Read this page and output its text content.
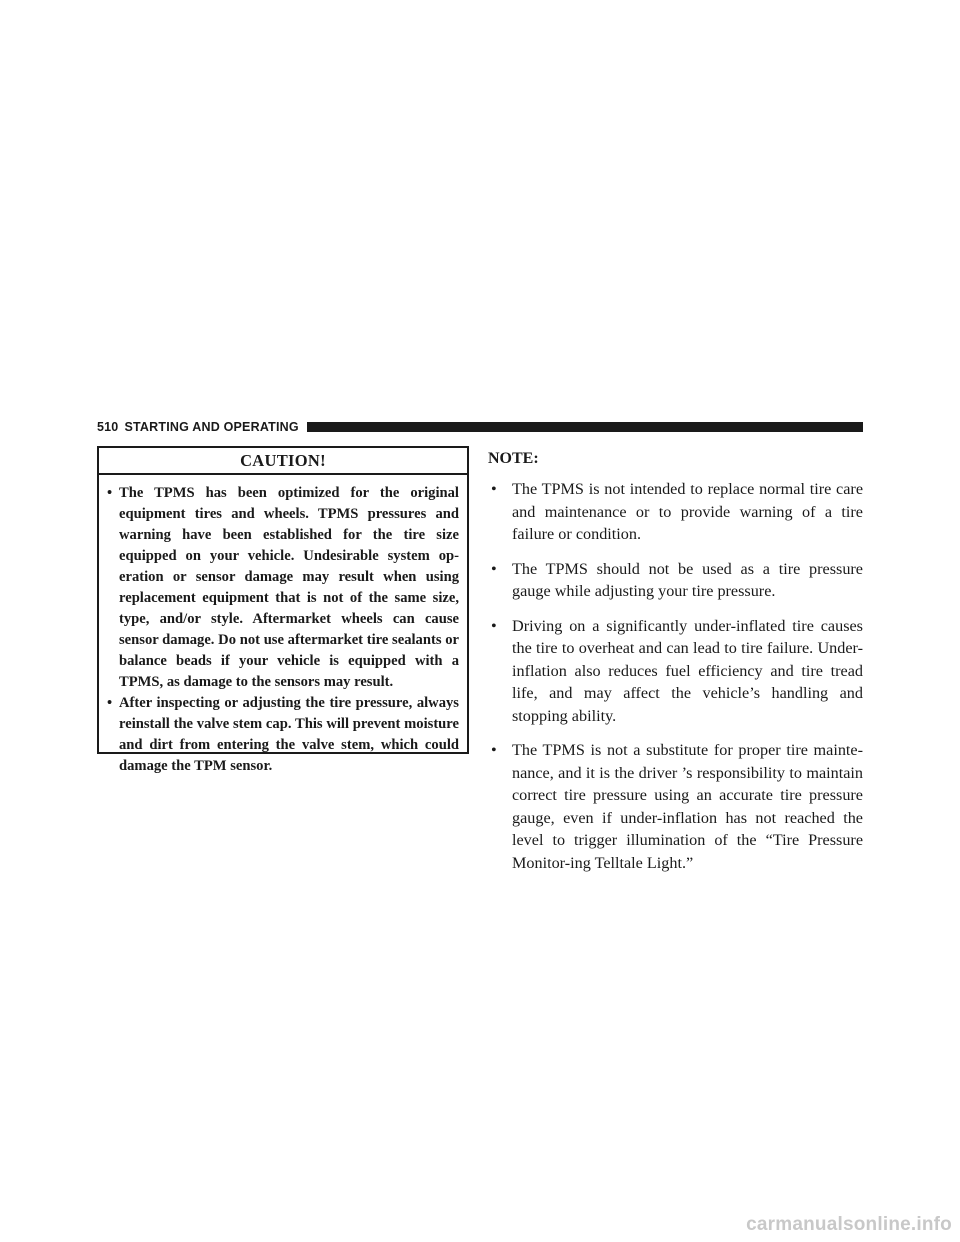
510 STARTING AND OPERATING
CAUTION!
• The TPMS has been optimized for the original equipment tires and wheels. TPMS pressures and warning have been established for the tire size equipped on your vehicle. Undesirable system op-eration or sensor damage may result when using replacement equipment that is not of the same size, type, and/or style. Aftermarket wheels can cause sensor damage. Do not use aftermarket tire sealants or balance beads if your vehicle is equipped with a TPMS, as damage to the sensors may result.
• After inspecting or adjusting the tire pressure, always reinstall the valve stem cap. This will prevent moisture and dirt from entering the valve stem, which could damage the TPM sensor.
NOTE:
• The TPMS is not intended to replace normal tire care and maintenance or to provide warning of a tire failure or condition.
• The TPMS should not be used as a tire pressure gauge while adjusting your tire pressure.
• Driving on a significantly under-inflated tire causes the tire to overheat and can lead to tire failure. Under-inflation also reduces fuel efficiency and tire tread life, and may affect the vehicle’s handling and stopping ability.
• The TPMS is not a substitute for proper tire mainte-nance, and it is the driver ’s responsibility to maintain correct tire pressure using an accurate tire pressure gauge, even if under-inflation has not reached the level to trigger illumination of the “Tire Pressure Monitor-ing Telltale Light.”
carmanualsonline.info
